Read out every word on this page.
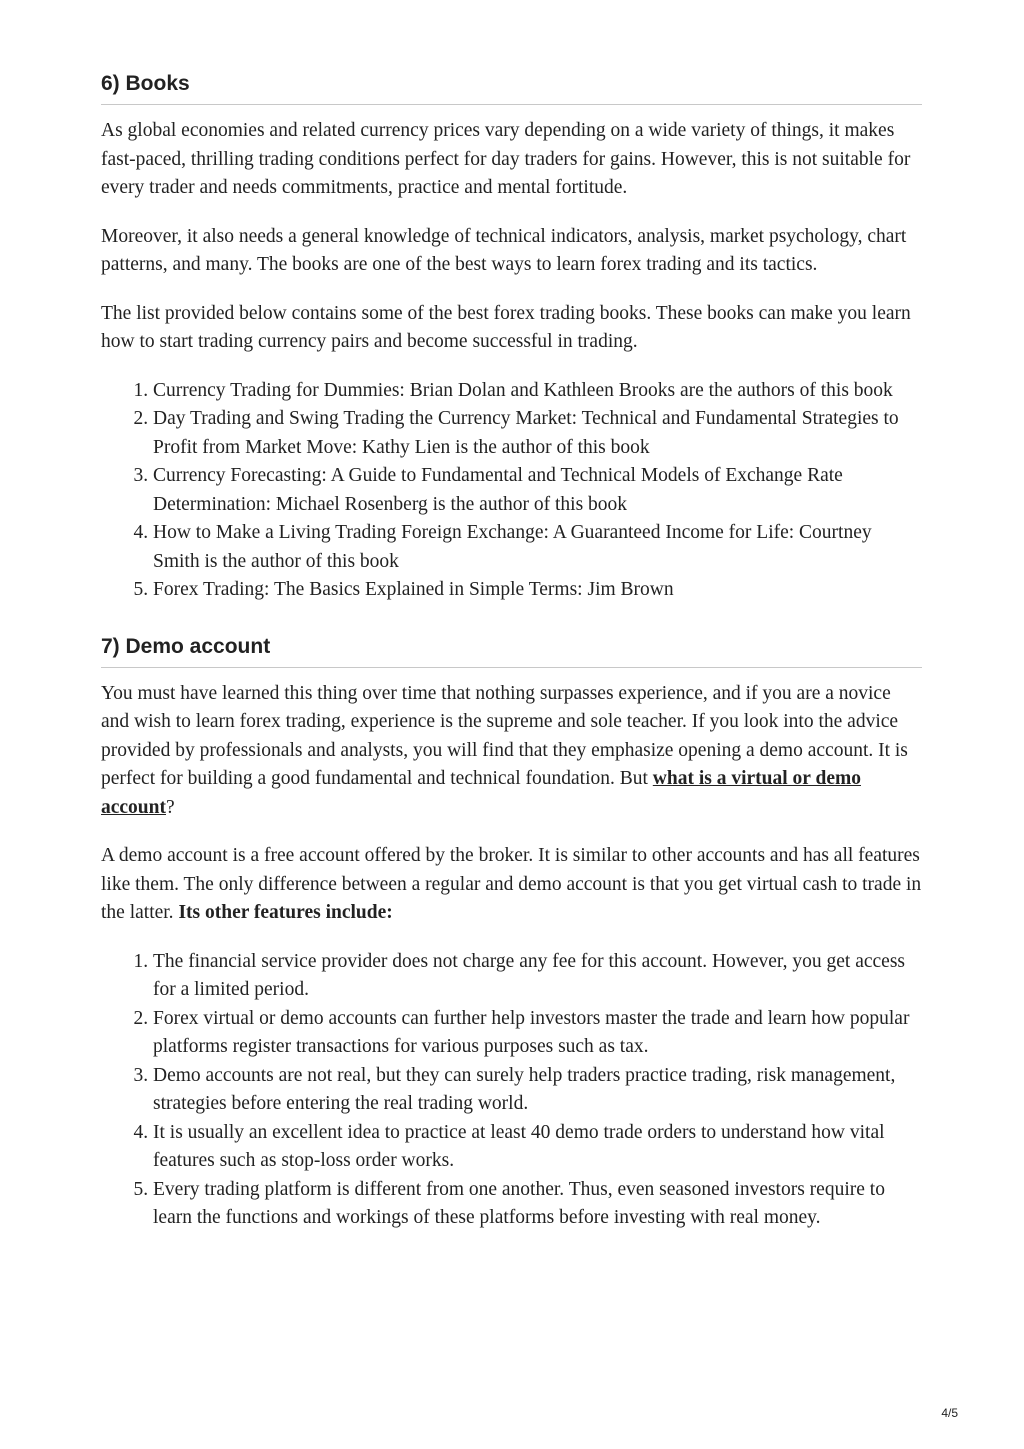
6) Books

As global economies and related currency prices vary depending on a wide variety of things, it makes fast-paced, thrilling trading conditions perfect for day traders for gains. However, this is not suitable for every trader and needs commitments, practice and mental fortitude.

Moreover, it also needs a general knowledge of technical indicators, analysis, market psychology, chart patterns, and many. The books are one of the best ways to learn forex trading and its tactics.

The list provided below contains some of the best forex trading books. These books can make you learn how to start trading currency pairs and become successful in trading.

1. Currency Trading for Dummies: Brian Dolan and Kathleen Brooks are the authors of this book
2. Day Trading and Swing Trading the Currency Market: Technical and Fundamental Strategies to Profit from Market Move: Kathy Lien is the author of this book
3. Currency Forecasting: A Guide to Fundamental and Technical Models of Exchange Rate Determination: Michael Rosenberg is the author of this book
4. How to Make a Living Trading Foreign Exchange: A Guaranteed Income for Life: Courtney Smith is the author of this book
5. Forex Trading: The Basics Explained in Simple Terms: Jim Brown
7) Demo account

You must have learned this thing over time that nothing surpasses experience, and if you are a novice and wish to learn forex trading, experience is the supreme and sole teacher. If you look into the advice provided by professionals and analysts, you will find that they emphasize opening a demo account. It is perfect for building a good fundamental and technical foundation. But what is a virtual or demo account?

A demo account is a free account offered by the broker. It is similar to other accounts and has all features like them. The only difference between a regular and demo account is that you get virtual cash to trade in the latter. Its other features include:

1. The financial service provider does not charge any fee for this account. However, you get access for a limited period.
2. Forex virtual or demo accounts can further help investors master the trade and learn how popular platforms register transactions for various purposes such as tax.
3. Demo accounts are not real, but they can surely help traders practice trading, risk management, strategies before entering the real trading world.
4. It is usually an excellent idea to practice at least 40 demo trade orders to understand how vital features such as stop-loss order works.
5. Every trading platform is different from one another. Thus, even seasoned investors require to learn the functions and workings of these platforms before investing with real money.
4/5
